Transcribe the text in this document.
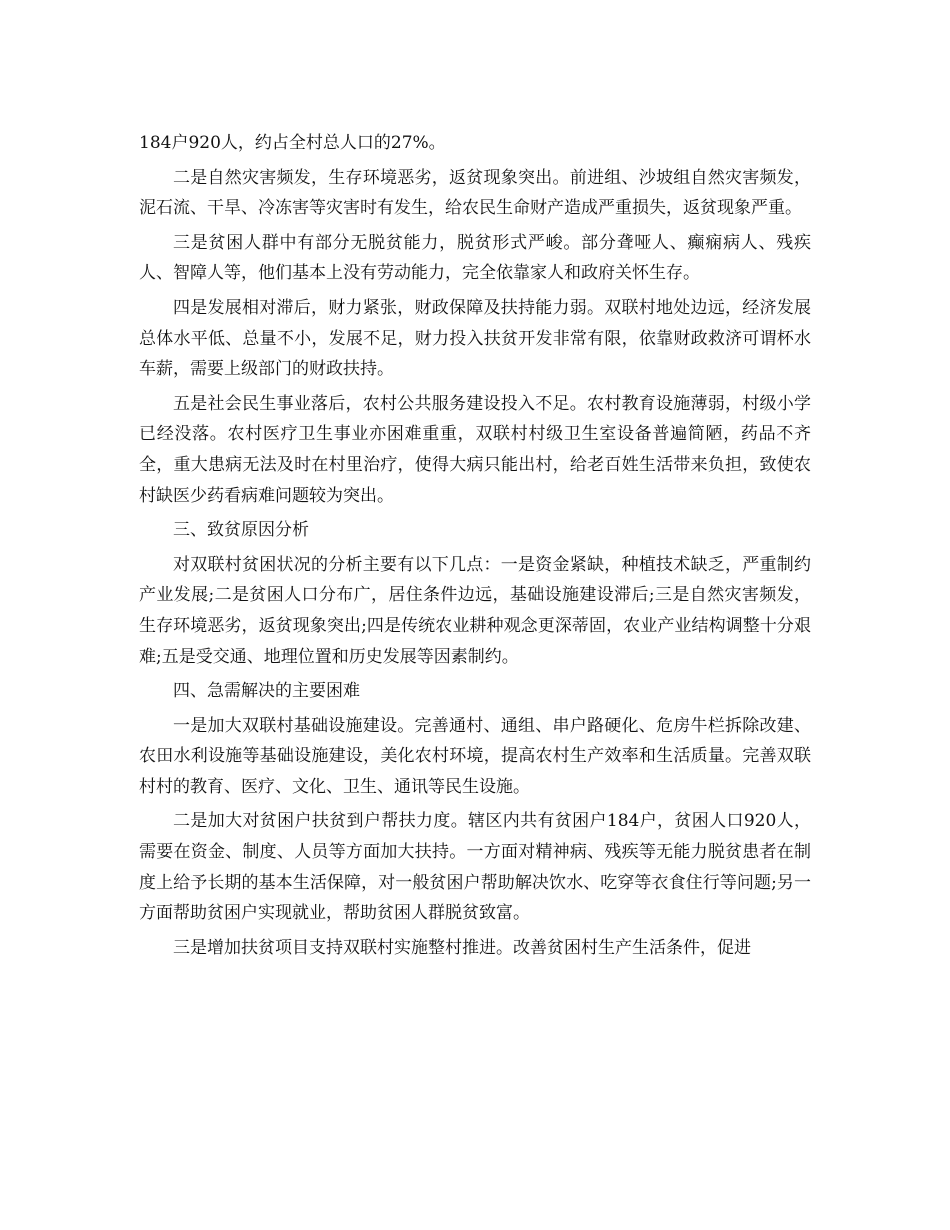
184户920人，约占全村总人口的27%。

二是自然灾害频发，生存环境恶劣，返贫现象突出。前进组、沙坡组自然灾害频发，泥石流、干旱、冷冻害等灾害时有发生，给农民生命财产造成严重损失，返贫现象严重。

三是贫困人群中有部分无脱贫能力，脱贫形式严峻。部分聋哑人、癫痫病人、残疾人、智障人等，他们基本上没有劳动能力，完全依靠家人和政府关怀生存。

四是发展相对滞后，财力紧张，财政保障及扶持能力弱。双联村地处边远，经济发展总体水平低、总量不小，发展不足，财力投入扶贫开发非常有限，依靠财政救济可谓杯水车薪，需要上级部门的财政扶持。

五是社会民生事业落后，农村公共服务建设投入不足。农村教育设施薄弱，村级小学已经没落。农村医疗卫生事业亦困难重重，双联村村级卫生室设备普遍简陋，药品不齐全，重大患病无法及时在村里治疗，使得大病只能出村，给老百姓生活带来负担，致使农村缺医少药看病难问题较为突出。

三、致贫原因分析

对双联村贫困状况的分析主要有以下几点：一是资金紧缺，种植技术缺乏，严重制约产业发展;二是贫困人口分布广，居住条件边远，基础设施建设滞后;三是自然灾害频发，生存环境恶劣，返贫现象突出;四是传统农业耕种观念更深蒂固，农业产业结构调整十分艰难;五是受交通、地理位置和历史发展等因素制约。

四、急需解决的主要困难

一是加大双联村基础设施建设。完善通村、通组、串户路硬化、危房牛栏拆除改建、农田水利设施等基础设施建设，美化农村环境，提高农村生产效率和生活质量。完善双联村村的教育、医疗、文化、卫生、通讯等民生设施。

二是加大对贫困户扶贫到户帮扶力度。辖区内共有贫困户184户，贫困人口920人，需要在资金、制度、人员等方面加大扶持。一方面对精神病、残疾等无能力脱贫患者在制度上给予长期的基本生活保障，对一般贫困户帮助解决饮水、吃穿等衣食住行等问题;另一方面帮助贫困户实现就业，帮助贫困人群脱贫致富。

三是增加扶贫项目支持双联村实施整村推进。改善贫困村生产生活条件，促进
